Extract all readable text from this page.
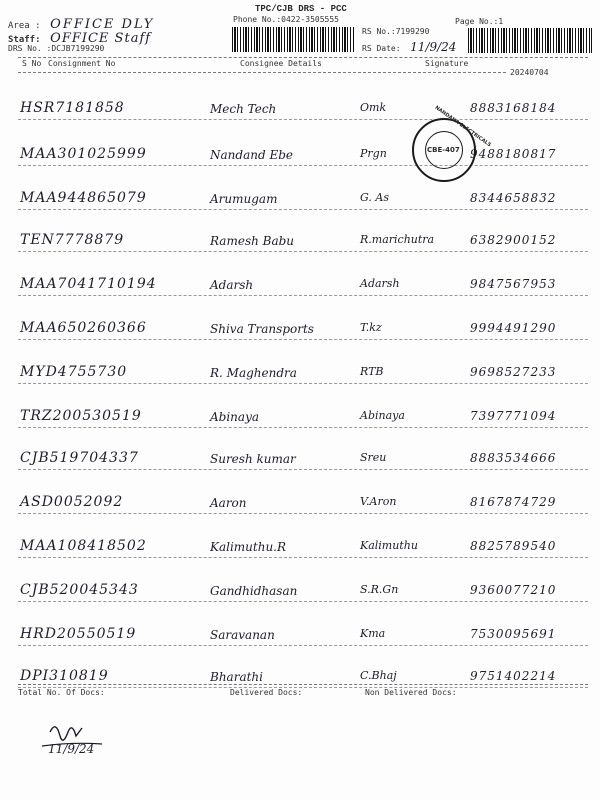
TPC/CJB DRS - PCC
Phone No.:0422-3505555
Area : OFFICE DLY
Staff: OFFICE Staff
DRS No. :DCJB7199290
RS No.:7199290
RS Date: 11/9/24
Page No.:1
S No Consignment No	Consignee Details	Signature
20240704
HSR7181858	Mech Tech	Omk	8883168184
MAA301025999	Nandand Ebe	Prgn	9488180817
MAA944865079	Arumugam	G. As	8344658832
TEN7778879	Ramesh Babu	R.marichutra	6382900152
MAA7041710194	Adarsh	Adarsh	9847567953
MAA650260366	Shiva Transports	T.kz	9994491290
MYD4755730	R. Maghendra	RTB	9698527233
TRZ200530519	Abinaya	Abinaya	7397771094
CJB519704337	Suresh kumar	Sreu	8883534666
ASD0052092	Aaron	V.Aron	8167874729
MAA108418502	Kalimuthu.R	Kalimuthu	8825789540
CJB520045343	Gandhidhasan	S.R.Gn	9360077210
HRD20550519	Saravanan	Kma	7530095691
DPI310819	Bharathi	C.Bhaj	9751402214
NANDANA ELECTRICALS
CBE-407
Total No. Of Docs:	Delivered Docs:	Non Delivered Docs:
11/9/24
